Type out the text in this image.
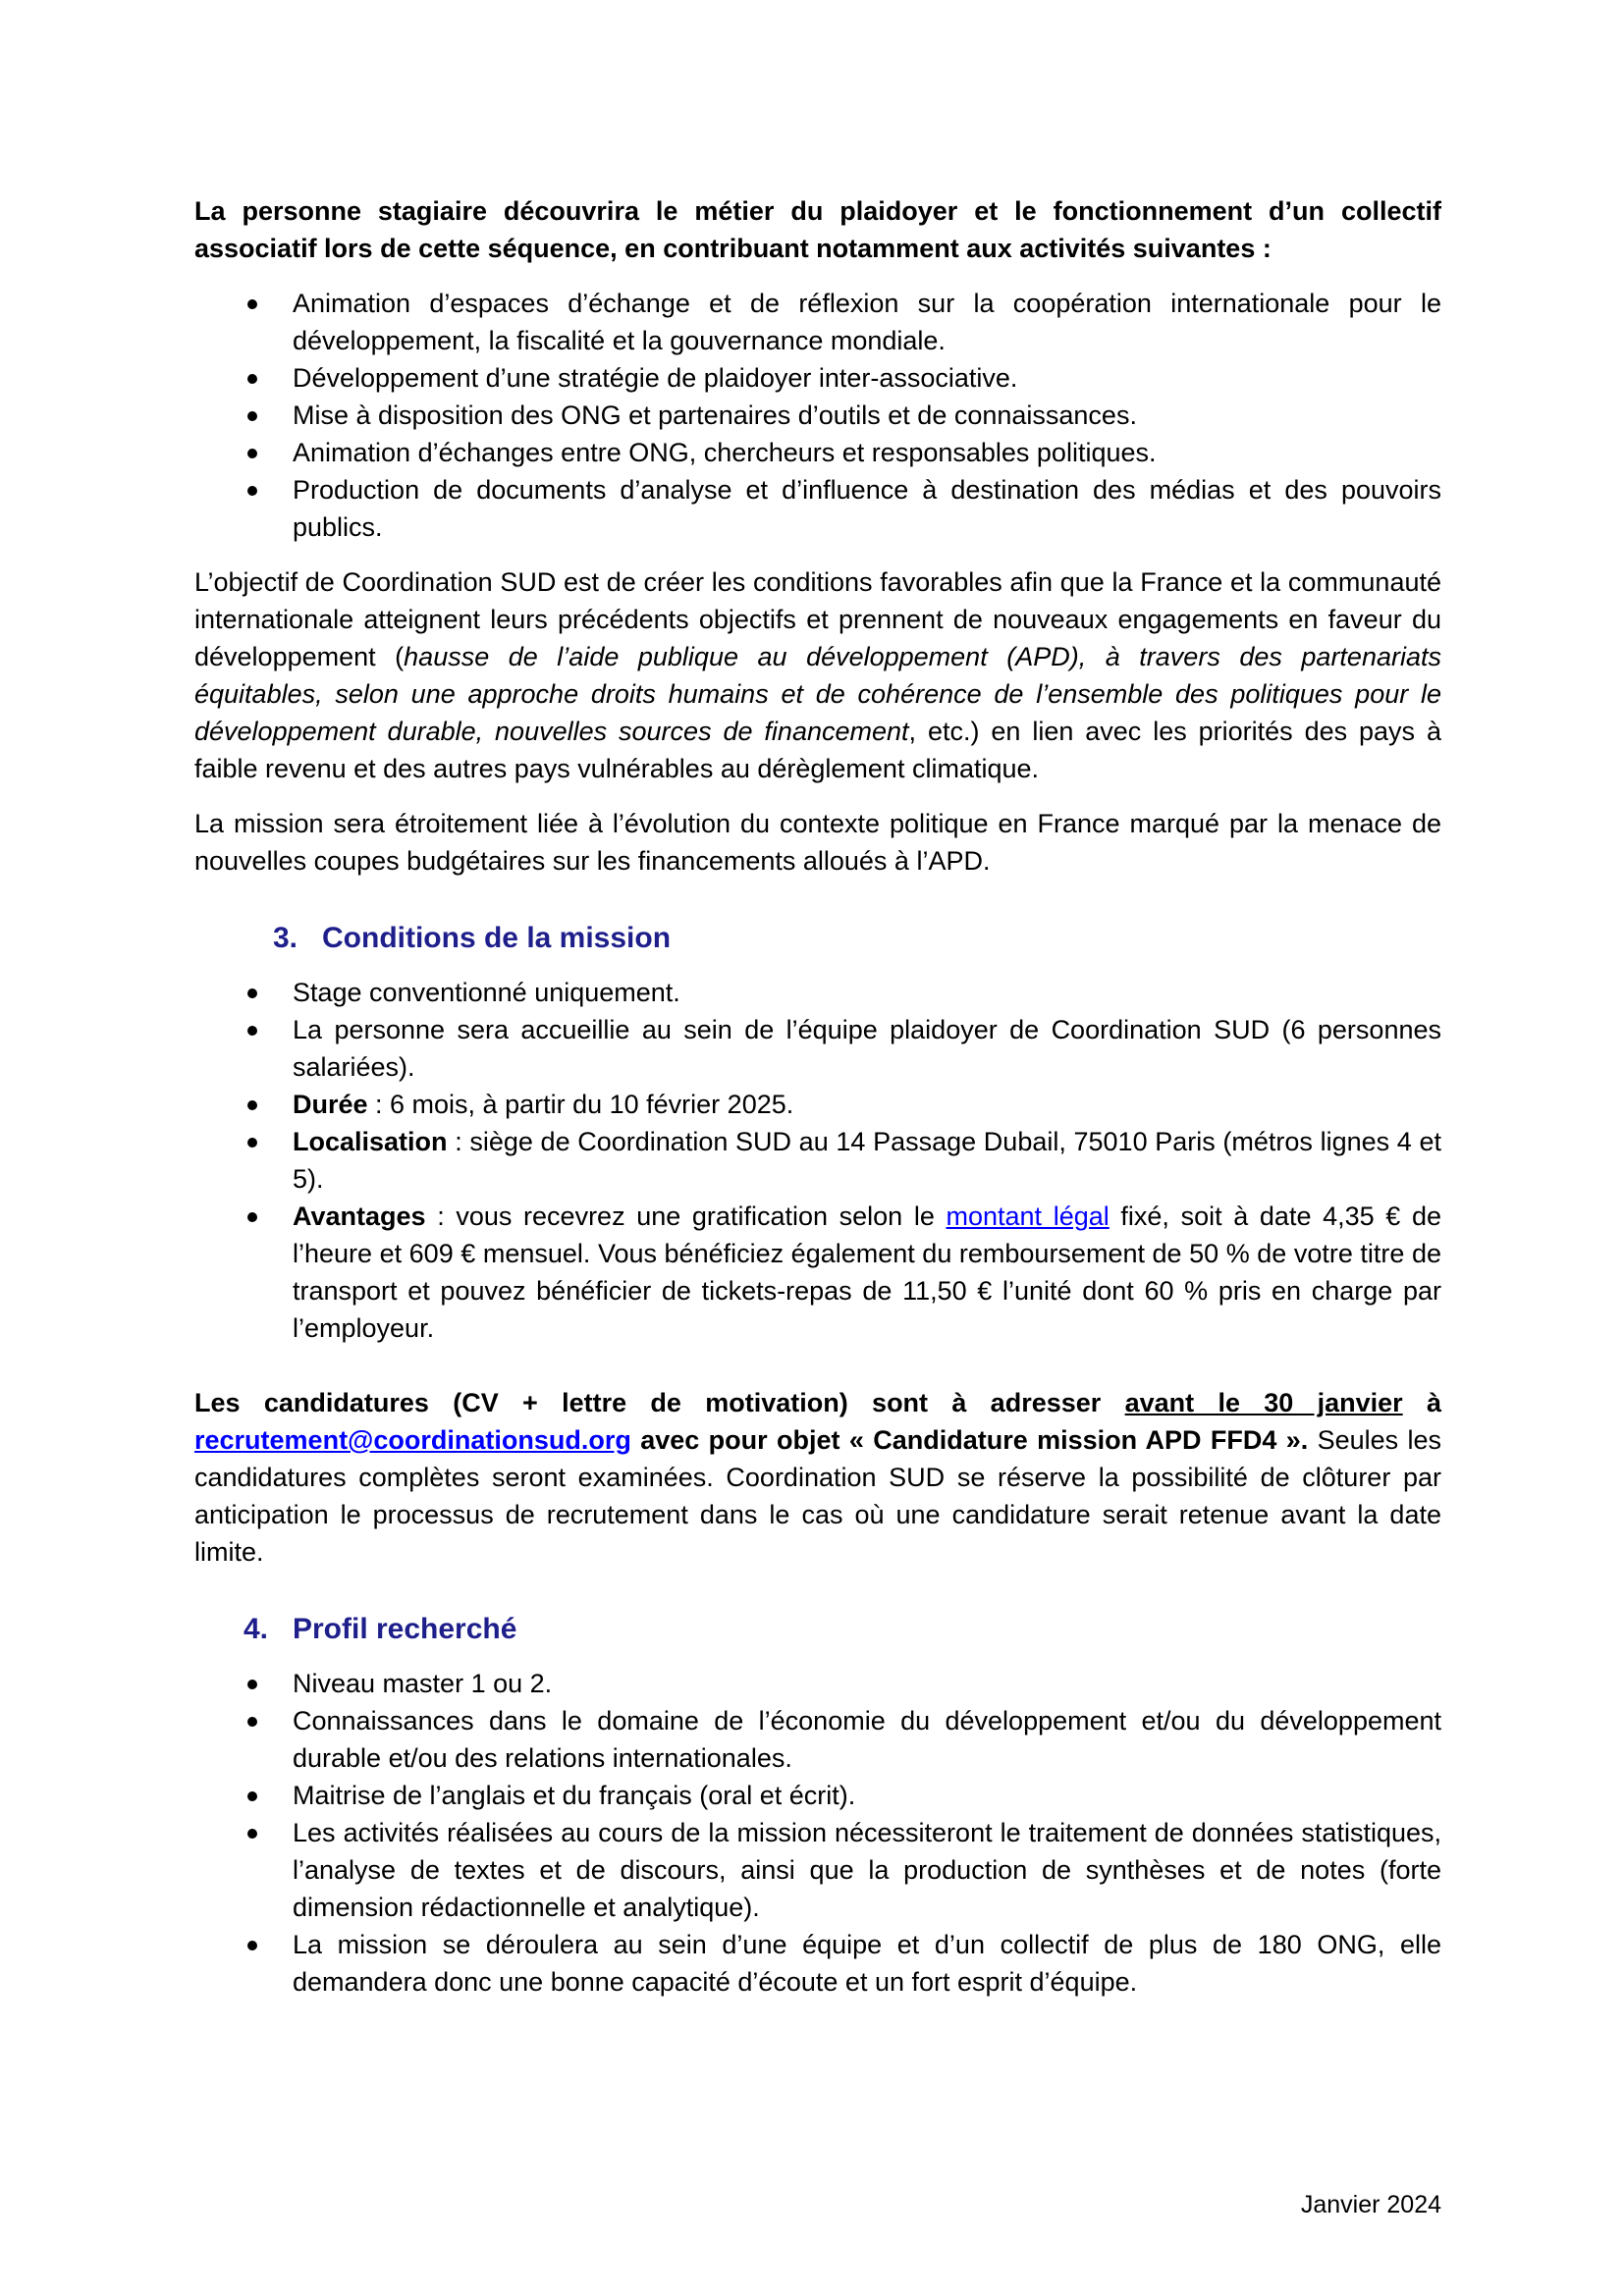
La personne stagiaire découvrira le métier du plaidoyer et le fonctionnement d’un collectif associatif lors de cette séquence, en contribuant notamment aux activités suivantes :

Animation d’espaces d’échange et de réflexion sur la coopération internationale pour le développement, la fiscalité et la gouvernance mondiale.
Développement d’une stratégie de plaidoyer inter-associative.
Mise à disposition des ONG et partenaires d’outils et de connaissances.
Animation d’échanges entre ONG, chercheurs et responsables politiques.
Production de documents d’analyse et d’influence à destination des médias et des pouvoirs publics.

L’objectif de Coordination SUD est de créer les conditions favorables afin que la France et la communauté internationale atteignent leurs précédents objectifs et prennent de nouveaux engagements en faveur du développement (hausse de l’aide publique au développement (APD), à travers des partenariats équitables, selon une approche droits humains et de cohérence de l’ensemble des politiques pour le développement durable, nouvelles sources de financement, etc.) en lien avec les priorités des pays à faible revenu et des autres pays vulnérables au dérèglement climatique.

La mission sera étroitement liée à l’évolution du contexte politique en France marqué par la menace de nouvelles coupes budgétaires sur les financements alloués à l’APD.

3. Conditions de la mission
Stage conventionné uniquement.
La personne sera accueillie au sein de l’équipe plaidoyer de Coordination SUD (6 personnes salariées).
Durée : 6 mois, à partir du 10 février 2025.
Localisation : siège de Coordination SUD au 14 Passage Dubail, 75010 Paris (métros lignes 4 et 5).
Avantages : vous recevrez une gratification selon le montant légal fixé, soit à date 4,35 € de l’heure et 609 € mensuel. Vous bénéficiez également du remboursement de 50 % de votre titre de transport et pouvez bénéficier de tickets-repas de 11,50 € l’unité dont 60 % pris en charge par l’employeur.

Les candidatures (CV + lettre de motivation) sont à adresser avant le 30 janvier à recrutement@coordinationsud.org avec pour objet « Candidature mission APD FFD4 ». Seules les candidatures complètes seront examinées. Coordination SUD se réserve la possibilité de clôturer par anticipation le processus de recrutement dans le cas où une candidature serait retenue avant la date limite.

4. Profil recherché
Niveau master 1 ou 2.
Connaissances dans le domaine de l’économie du développement et/ou du développement durable et/ou des relations internationales.
Maitrise de l’anglais et du français (oral et écrit).
Les activités réalisées au cours de la mission nécessiteront le traitement de données statistiques, l’analyse de textes et de discours, ainsi que la production de synthèses et de notes (forte dimension rédactionnelle et analytique).
La mission se déroulera au sein d’une équipe et d’un collectif de plus de 180 ONG, elle demandera donc une bonne capacité d’écoute et un fort esprit d’équipe.
Janvier 2024
